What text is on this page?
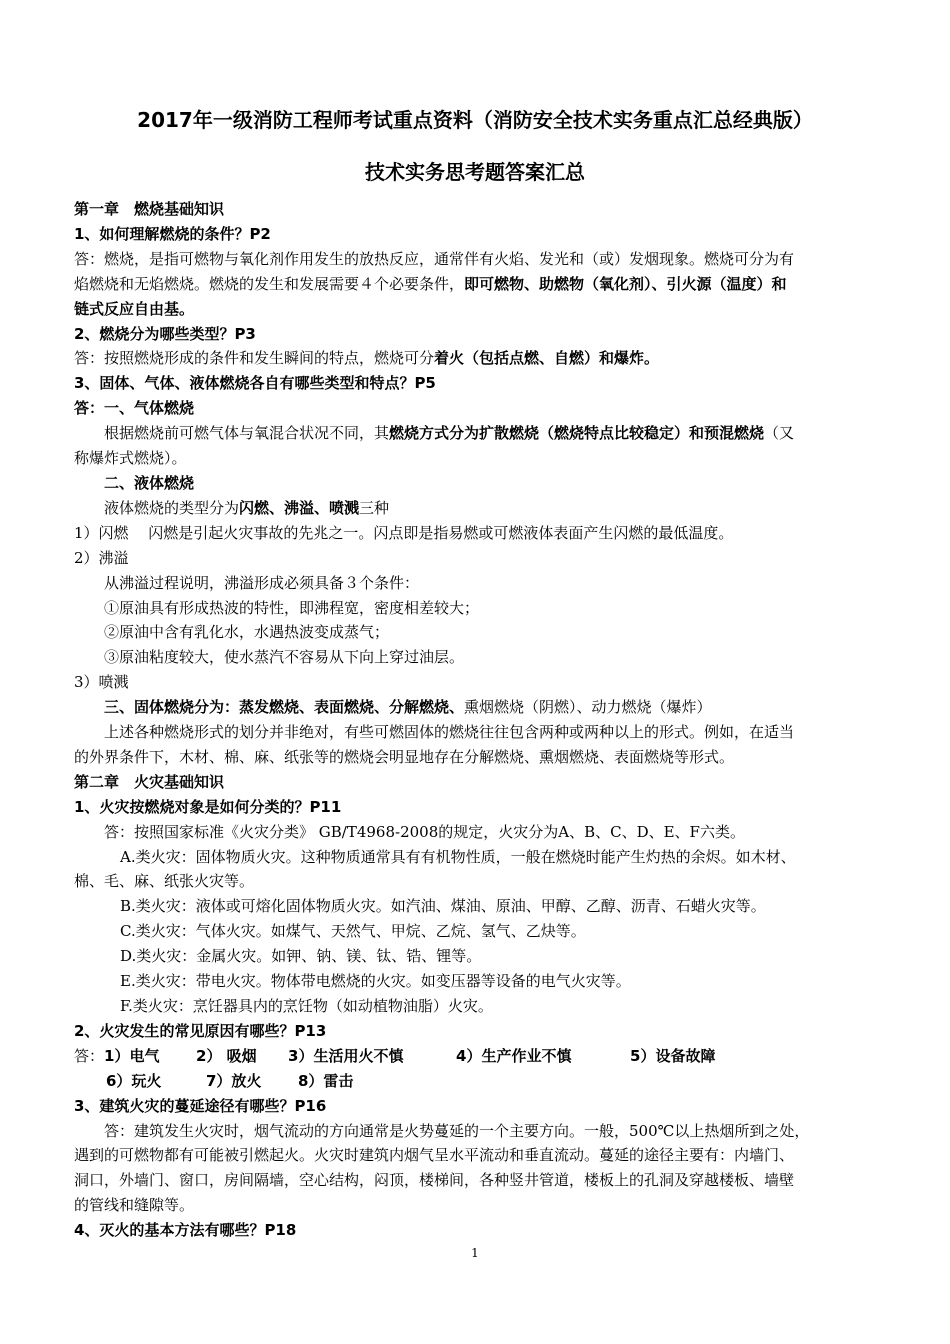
2017年一级消防工程师考试重点资料（消防安全技术实务重点汇总经典版）
技术实务思考题答案汇总
第一章　燃烧基础知识
1、如何理解燃烧的条件？P2
答：燃烧，是指可燃物与氧化剂作用发生的放热反应，通常伴有火焰、发光和（或）发烟现象。燃烧可分为有
焰燃烧和无焰燃烧。燃烧的发生和发展需要４个必要条件，即可燃物、助燃物（氧化剂）、引火源（温度）和
链式反应自由基。
2、燃烧分为哪些类型？P3
答：按照燃烧形成的条件和发生瞬间的特点，燃烧可分着火（包括点燃、自燃）和爆炸。
3、固体、气体、液体燃烧各自有哪些类型和特点？P5
答：一、气体燃烧
根据燃烧前可燃气体与氧混合状况不同，其燃烧方式分为扩散燃烧（燃烧特点比较稳定）和预混燃烧（又
称爆炸式燃烧）。
二、液体燃烧
液体燃烧的类型分为闪燃、沸溢、喷溅三种
1）闪燃　 闪燃是引起火灾事故的先兆之一。闪点即是指易燃或可燃液体表面产生闪燃的最低温度。
2）沸溢
从沸溢过程说明，沸溢形成必须具备３个条件：
①原油具有形成热波的特性，即沸程宽，密度相差较大；
②原油中含有乳化水，水遇热波变成蒸气；
③原油粘度较大，使水蒸汽不容易从下向上穿过油层。
3）喷溅
三、固体燃烧分为：蒸发燃烧、表面燃烧、分解燃烧、熏烟燃烧（阴燃）、动力燃烧（爆炸）
上述各种燃烧形式的划分并非绝对，有些可燃固体的燃烧往往包含两种或两种以上的形式。例如，在适当
的外界条件下，木材、棉、麻、纸张等的燃烧会明显地存在分解燃烧、熏烟燃烧、表面燃烧等形式。
第二章　火灾基础知识
1、火灾按燃烧对象是如何分类的？P11
答：按照国家标准《火灾分类》 GB/T4968-2008的规定，火灾分为A、B、C、D、E、F六类。
A.类火灾：固体物质火灾。这种物质通常具有有机物性质，一般在燃烧时能产生灼热的余烬。如木材、
棉、毛、麻、纸张火灾等。
B.类火灾：液体或可熔化固体物质火灾。如汽油、煤油、原油、甲醇、乙醇、沥青、石蜡火灾等。
C.类火灾：气体火灾。如煤气、天然气、甲烷、乙烷、氢气、乙炔等。
D.类火灾：金属火灾。如钾、钠、镁、钛、锆、锂等。
E.类火灾：带电火灾。物体带电燃烧的火灾。如变压器等设备的电气火灾等。
F.类火灾：烹饪器具内的烹饪物（如动植物油脂）火灾。
2、火灾发生的常见原因有哪些？P13
答：1）电气 2） 吸烟 3）生活用火不慎	4）生产作业不慎	5）设备故障
6）玩火	7）放火 8）雷击
3、建筑火灾的蔓延途径有哪些？P16
答：建筑发生火灾时，烟气流动的方向通常是火势蔓延的一个主要方向。一般，500℃以上热烟所到之处，
遇到的可燃物都有可能被引燃起火。火灾时建筑内烟气呈水平流动和垂直流动。蔓延的途径主要有：内墙门、
洞口，外墙门、窗口，房间隔墙，空心结构，闷顶，楼梯间，各种竖井管道，楼板上的孔洞及穿越楼板、墙壁
的管线和缝隙等。
4、灭火的基本方法有哪些？P18
1
